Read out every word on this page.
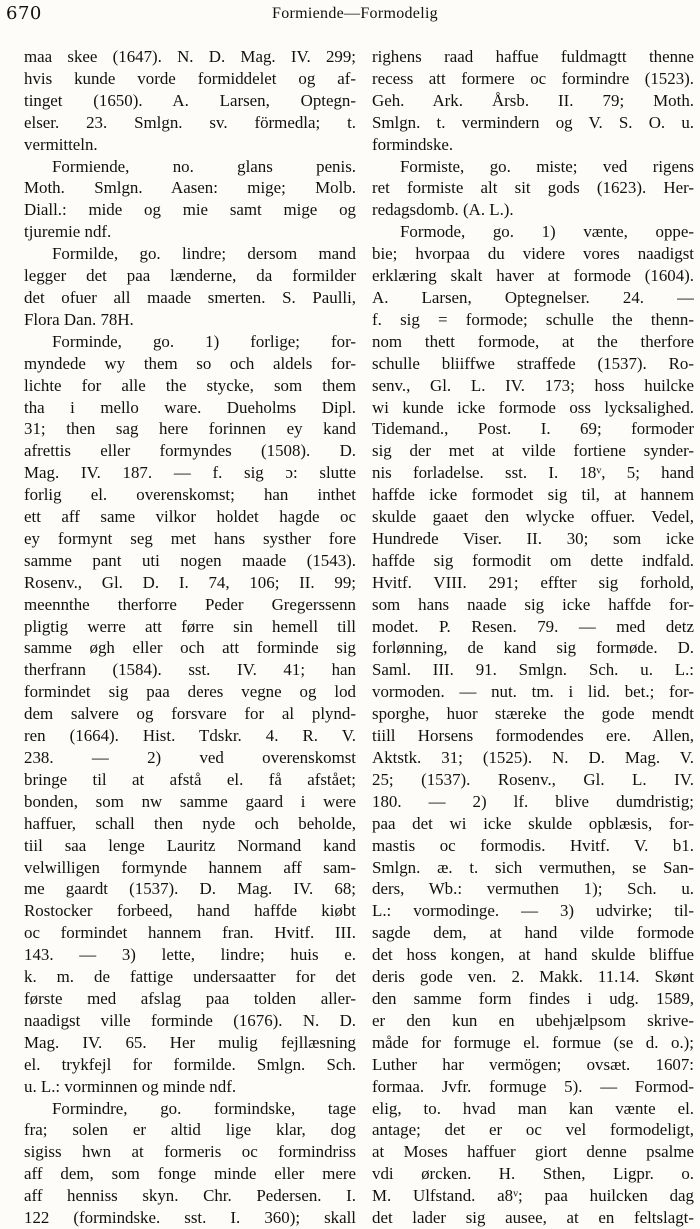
670	Formiende—Formodelig
maa skee (1647). N. D. Mag. IV. 299;
hvis kunde vorde formiddelet og af-
tinget (1650). A. Larsen, Optegn-
elser. 23. Smlgn. sv. förmedla; t.
vermitteln.
Formiende, no. glans penis.
Moth. Smlgn. Aasen: mige; Molb.
Diall.: mide og mie samt mige og
tjuremie ndf.
Formilde, go. lindre; dersom mand
legger det paa lænderne, da formilder
det ofuer all maade smerten. S. Paulli,
Flora Dan. 78H.
Forminde, go. 1) forlige; for-
myndede wy them so och aldels for-
lichte for alle the stycke, som them
tha i mello ware. Dueholms Dipl.
31; then sag here forinnen ey kand
afrettis eller formyndes (1508). D.
Mag. IV. 187. — f. sig ɔ: slutte
forlig el. overenskomst; han inthet
ett aff same vilkor holdet hagde oc
ey formynt seg met hans systher fore
samme pant uti nogen maade (1543).
Rosenv., Gl. D. I. 74, 106; II. 99;
meennthe therforre Peder Gregerssenn
pligtig werre att førre sin hemell till
samme øgh eller och att forminde sig
therfrann (1584). sst. IV. 41; han
formindet sig paa deres vegne og lod
dem salvere og forsvare for al plynd-
ren (1664). Hist. Tdskr. 4. R. V.
238. — 2) ved overenskomst
bringe til at afstå el. få afstået;
bonden, som nw samme gaard i were
haffuer, schall then nyde och beholde,
tiil saa lenge Lauritz Normand kand
velwilligen formynde hannem aff sam-
me gaardt (1537). D. Mag. IV. 68;
Rostocker forbeed, hand haffde kiøbt
oc formindet hannem fran. Hvitf. III.
143. — 3) lette, lindre; huis e.
k. m. de fattige undersaatter for det
første med afslag paa tolden aller-
naadigst ville forminde (1676). N. D.
Mag. IV. 65. Her mulig fejllæsning
el. trykfejl for formilde. Smlgn. Sch.
u. L.: vorminnen og minde ndf.
Formindre, go. formindske, tage
fra; solen er altid lige klar, dog
sigiss hwn at formeris oc formindriss
aff dem, som fonge minde eller mere
aff henniss skyn. Chr. Pedersen. I.
122 (formindske. sst. I. 360); skall
righens raad haffue fuldmagtt thenne
recess att formere oc formindre (1523).
Geh. Ark. Årsb. II. 79; Moth.
Smlgn. t. vermindern og V. S. O. u.
formindske.
Formiste, go. miste; ved rigens
ret formiste alt sit gods (1623). Her-
redagsdomb. (A. L.).
Formode, go. 1) vænte, oppe-
bie; hvorpaa du videre vores naadigst
erklæring skalt haver at formode (1604).
A. Larsen, Optegnelser. 24. —
f. sig = formode; schulle the thenn-
nom thett formode, at the therfore
schulle bliiffwe straffede (1537). Ro-
senv., Gl. L. IV. 173; hoss huilcke
wi kunde icke formode oss lycksalighed.
Tidemand., Post. I. 69; formoder
sig der met at vilde fortiene synder-
nis forladelse. sst. I. 18ᵛ, 5; hand
haffde icke formodet sig til, at hannem
skulde gaaet den wlycke offuer. Vedel,
Hundrede Viser. II. 30; som icke
haffde sig formodit om dette indfald.
Hvitf. VIII. 291; effter sig forhold,
som hans naade sig icke haffde for-
modet. P. Resen. 79. — med detz
forlønning, de kand sig formøde. D.
Saml. III. 91. Smlgn. Sch. u. L.:
vormoden. — nut. tm. i lid. bet.; for-
sporghe, huor stæreke the gode mendt
tiill Horsens formodendes ere. Allen,
Aktstk. 31; (1525). N. D. Mag. V.
25; (1537). Rosenv., Gl. L. IV.
180. — 2) lf. blive dumdristig;
paa det wi icke skulde opblæsis, for-
mastis oc formodis. Hvitf. V. b1.
Smlgn. æ. t. sich vermuthen, se San-
ders, Wb.: vermuthen 1); Sch. u.
L.: vormodinge. — 3) udvirke; til-
sagde dem, at hand vilde formode
det hoss kongen, at hand skulde bliffue
deris gode ven. 2. Makk. 11.14. Skønt
den samme form findes i udg. 1589,
er den kun en ubehjælpsom skrive-
måde for formuge el. formue (se d. o.);
Luther har vermögen; ovsæt. 1607:
formaa. Jvfr. formuge 5). — Formod-
elig, to. hvad man kan vænte el.
antage; det er oc vel formodeligt,
at Moses haffuer giort denne psalme
vdi ørcken. H. Sthen, Ligpr. o.
M. Ulfstand. a8ᵛ; paa huilcken dag
det lader sig ausee, at en feltslagt-
